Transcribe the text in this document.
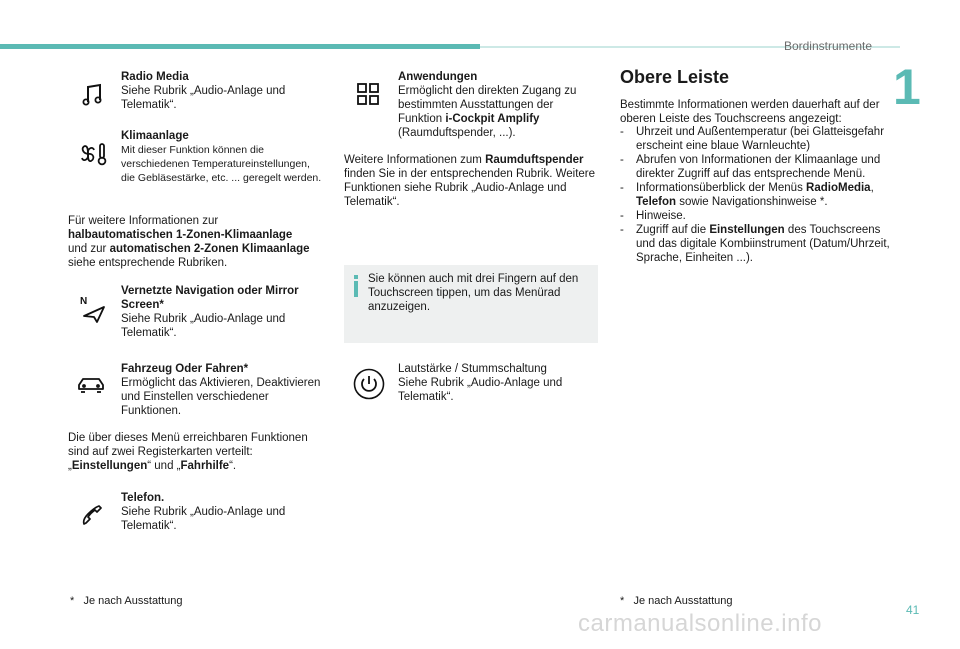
Bordinstrumente
1
Radio Media
Siehe Rubrik „Audio-Anlage und Telematik“.
Klimaanlage
Mit dieser Funktion können die verschiedenen Temperatureinstellungen, die Gebläsestärke, etc. ... geregelt werden.
Für weitere Informationen zur
halbautomatischen 1-Zonen-Klimaanlage
und zur automatischen 2-Zonen Klimaanlage
siehe entsprechende Rubriken.
N
Vernetzte Navigation oder Mirror Screen*
Siehe Rubrik „Audio-Anlage und Telematik“.
Fahrzeug Oder Fahren*
Ermöglicht das Aktivieren, Deaktivieren und Einstellen verschiedener Funktionen.
Die über dieses Menü erreichbaren Funktionen sind auf zwei Registerkarten verteilt:
„Einstellungen“ und „Fahrhilfe“.
Telefon.
Siehe Rubrik „Audio-Anlage und Telematik“.
* Je nach Ausstattung
Anwendungen
Ermöglicht den direkten Zugang zu bestimmten Ausstattungen der Funktion i-Cockpit Amplify (Raumduftspender, ...).
Weitere Informationen zum Raumduftspender finden Sie in der entsprechenden Rubrik. Weitere Funktionen siehe Rubrik „Audio-Anlage und Telematik“.
Sie können auch mit drei Fingern auf den Touchscreen tippen, um das Menürad anzuzeigen.
Lautstärke / Stummschaltung
Siehe Rubrik „Audio-Anlage und Telematik“.
Obere Leiste
Bestimmte Informationen werden dauerhaft auf der oberen Leiste des Touchscreens angezeigt:
- Uhrzeit und Außentemperatur (bei Glatteisgefahr erscheint eine blaue Warnleuchte)
- Abrufen von Informationen der Klimaanlage und direkter Zugriff auf das entsprechende Menü.
- Informationsüberblick der Menüs RadioMedia, Telefon sowie Navigationshinweise *.
- Hinweise.
- Zugriff auf die Einstellungen des Touchscreens und das digitale Kombiinstrument (Datum/Uhrzeit, Sprache, Einheiten ...).
* Je nach Ausstattung
41
carmanualsonline.info
